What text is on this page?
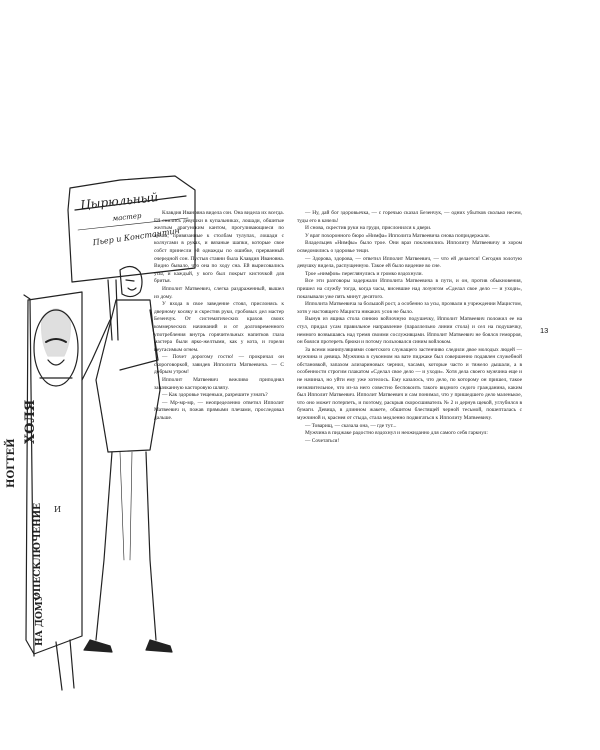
Цырюльный
мастер
Пьер и Константин
ХОЛЯ
НОГТЕЙ
И
ОПЕСКЛЮЧЕНИЕ
НА ДОМУ

Клавдия Ивановна видела сон. Она видела их всегда. Ей снились девушки в купальниках, лошади, обшитые желтым драгунским кантом, прогуливающиеся по аркам, привязанные к столбам тулупах, лошади с колчугами в руках, и вязаные шапки, которые свое собст принесли ей однажды по ошибке, прерванный очередной сон. Пустыя ставни была Клавдия Ивановна. Видно бывало, что она по ходу сна. Ей вырисовались усы, и каждый, у кого был покрыт кисточкой для бритья.

Ипполит Матвеевич, слегка раздраженный, вышел из дому.

У входа в свое заведение стоял, прислонясь к дверному косяку и скрестив руки, гробовых дел мастер Безенчук. От систематических крахов своих коммерческих начинаний и от долговременного употребления внутрь горячительных напитков глаза мастера были ярко-желтыми, как у кота, и горели неугасимым огнем.

— Почет дорогому гостю! — прокричал он скороговоркой, завидев Ипполита Матвеевича. — С добрым утром!

Ипполит Матвеевич вежливо приподнял запачканную касторовую шляпу.

— Как здоровье тещеньки, разрешите узнать?

— Мр-мр-мр, — неопределенно ответил Ипполит Матвеевич и, пожав прямыми плечами, проследовал дальше.

— Ну, дай бог здоровьечка, — с горечью сказал Безенчук, — одних убытков сколько несем, туды его в качель!

И снова, скрестив руки на груди, прислонился к двери.

У врат похоронного бюро «Нимфа» Ипполита Матвеевича снова попридержали.

Владельцев «Нимфы» было трое. Они враз поклонились Ипполиту Матвеевичу и хором осведомились о здоровье тещи.

— Здорова, здорова, — ответил Ипполит Матвеевич, — что ей делается! Сегодня золотую девушку видела, распущенную. Такое ей было видение во сне.

Трое «нимфов» переглянулись и громко вздохнули.

Все эти разговоры задержали Ипполита Матвеевича в пути, и он, против обыкновения, пришел на службу тогда, когда часы, висевшие над лозунгом «Сделал свое дело — и уходи», показывали уже пять минут десятого.

Ипполита Матвеевича за большой рост, а особенно за усы, прозвали в учреждении Мацистом, хотя у настоящего Мациста никаких усов не было.

Вынув из ящика стола синюю войлочную подушечку, Ипполит Матвеевич положил ее на стул, придал усам правильное направление (параллельно линии стола) и сел на подушечку, немного возвышаясь над тремя своими сослуживцами. Ипполит Матвеевич не боялся геморроя, он боялся протереть брюки и потому пользовался синим войлоком.

За всеми манипуляциями советского служащего застенчиво следили двое молодых людей — мужчина и девица. Мужчина в суконном на вате пиджаке был совершенно подавлен служебной обстановкой, запахом ализариновых чернил, часами, которые часто и тяжело дышали, а в особенности строгим плакатом «Сделал свое дело — и уходи». Хотя дела своего мужчина еще и не начинал, но уйти ему уже хотелось. Ему казалось, что дело, по которому он пришел, такое незначительное, что из-за него совестно беспокоить такого видного седого гражданина, каким был Ипполит Матвеевич. Ипполит Матвеевич и сам понимал, что у пришедшего дело маленькое, что оно может потерпеть, и поэтому, раскрыв скоросшиватель № 2 и дернув щекой, углубился в бумаги. Девица, в длинном жакете, обшитом блестящей черной тесьмой, пошепталась с мужчиной и, краснея от стыда, стала медленно подвигаться к Ипполиту Матвеевичу.

— Товарищ, — сказала она, — где тут...

Мужчина в пиджаке радостно вздохнул и неожиданно для самого себя гаркнул:

— Сочетаться!

13
